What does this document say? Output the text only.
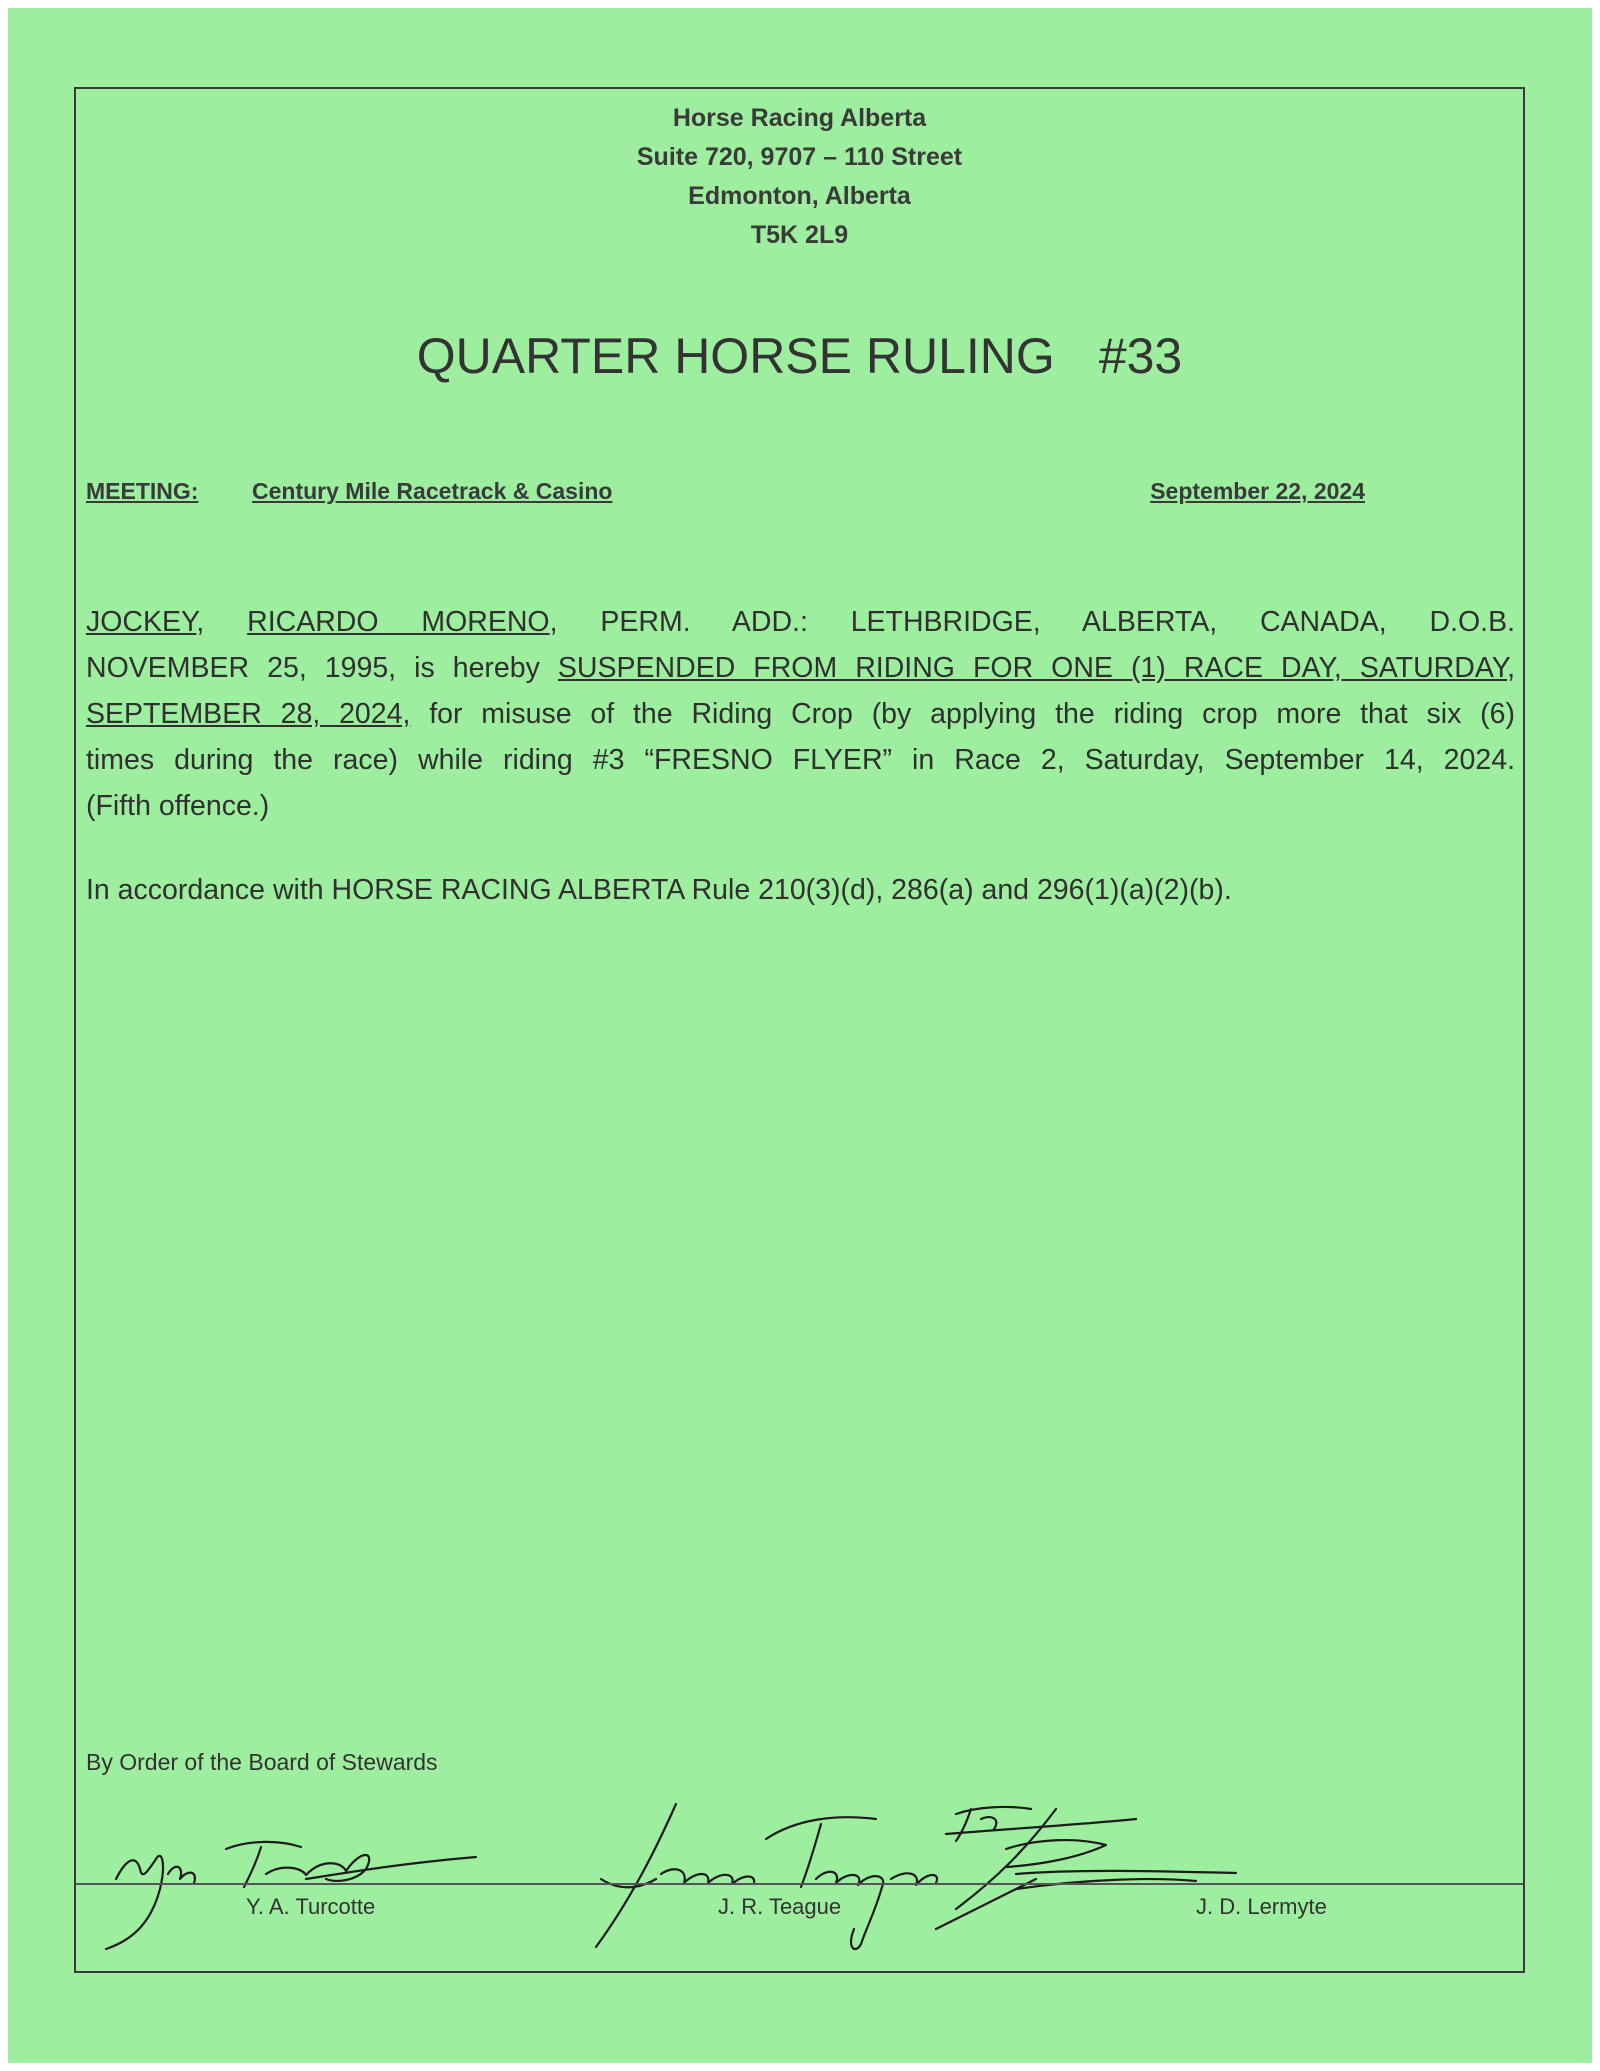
Horse Racing Alberta
Suite 720, 9707 – 110 Street
Edmonton, Alberta
T5K 2L9
QUARTER HORSE RULING #33
MEETING: Century Mile Racetrack & Casino	September 22, 2024

JOCKEY, RICARDO MORENO, PERM. ADD.: LETHBRIDGE, ALBERTA, CANADA, D.O.B.
NOVEMBER 25, 1995, is hereby SUSPENDED FROM RIDING FOR ONE (1) RACE DAY, SATURDAY,
SEPTEMBER 28, 2024, for misuse of the Riding Crop (by applying the riding crop more that six (6)
times during the race) while riding #3 “FRESNO FLYER” in Race 2, Saturday, September 14, 2024.
(Fifth offence.)

In accordance with HORSE RACING ALBERTA Rule 210(3)(d), 286(a) and 296(1)(a)(2)(b).

By Order of the Board of Stewards
Y. A. Turcotte	J. R. Teague	J. D. Lermyte
